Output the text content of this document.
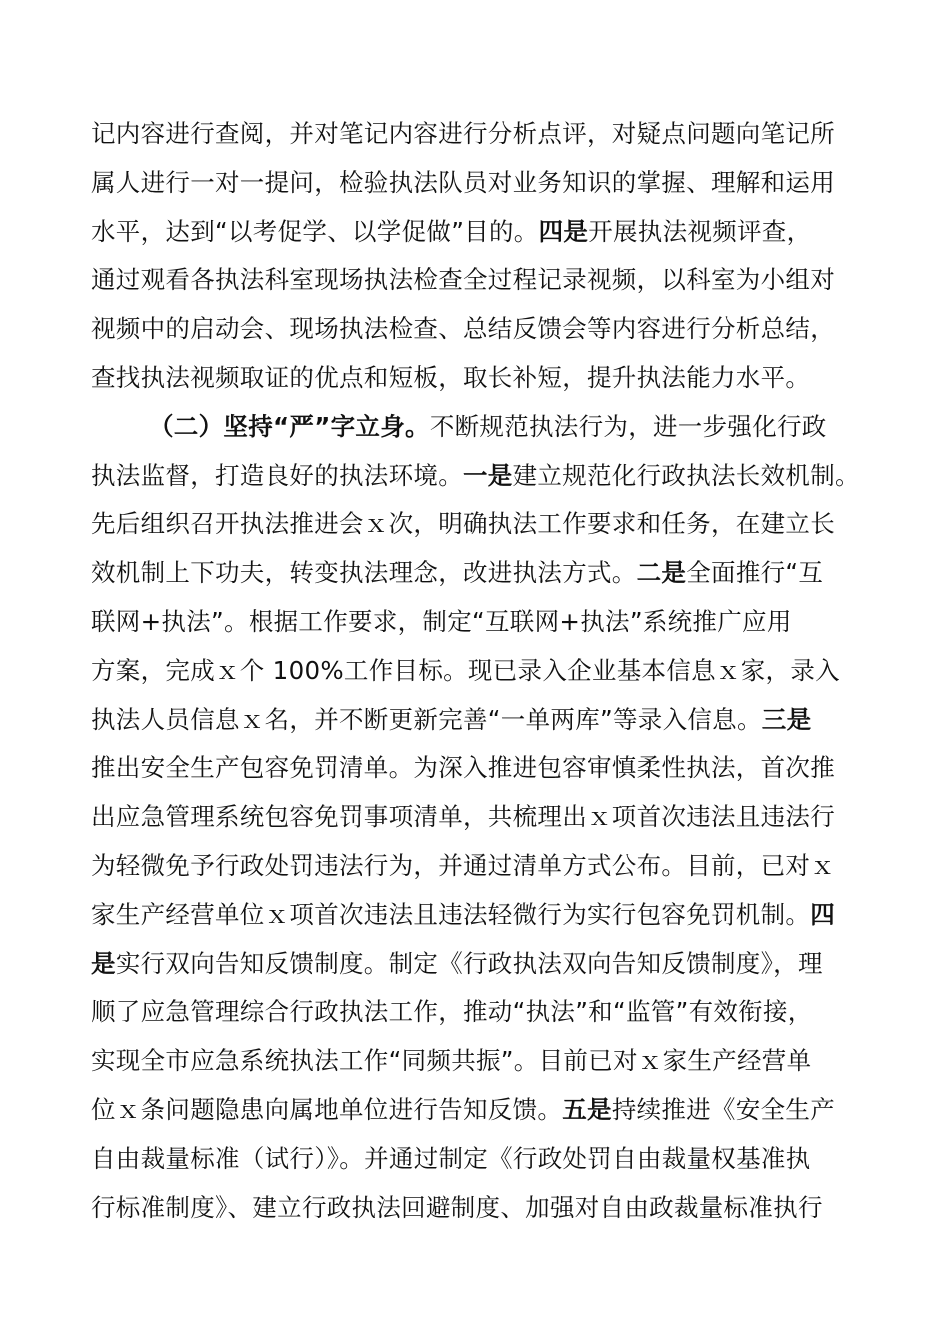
记内容进行查阅，并对笔记内容进行分析点评，对疑点问题向笔记所
属人进行一对一提问，检验执法队员对业务知识的掌握、理解和运用
水平，达到“以考促学、以学促做”目的。四是开展执法视频评查，
通过观看各执法科室现场执法检查全过程记录视频，以科室为小组对
视频中的启动会、现场执法检查、总结反馈会等内容进行分析总结，
查找执法视频取证的优点和短板，取长补短，提升执法能力水平。
（二）坚持“严”字立身。不断规范执法行为，进一步强化行政
执法监督，打造良好的执法环境。一是建立规范化行政执法长效机制。
先后组织召开执法推进会ｘ次，明确执法工作要求和任务，在建立长
效机制上下功夫，转变执法理念，改进执法方式。二是全面推行“互
联网+执法”。根据工作要求，制定“互联网+执法”系统推广应用
方案，完成ｘ个 100%工作目标。现已录入企业基本信息ｘ家，录入
执法人员信息ｘ名，并不断更新完善“一单两库”等录入信息。三是
推出安全生产包容免罚清单。为深入推进包容审慎柔性执法，首次推
出应急管理系统包容免罚事项清单，共梳理出ｘ项首次违法且违法行
为轻微免予行政处罚违法行为，并通过清单方式公布。目前，已对ｘ
家生产经营单位ｘ项首次违法且违法轻微行为实行包容免罚机制。四
是实行双向告知反馈制度。制定《行政执法双向告知反馈制度》，理
顺了应急管理综合行政执法工作，推动“执法”和“监管”有效衔接，
实现全市应急系统执法工作“同频共振”。目前已对ｘ家生产经营单
位ｘ条问题隐患向属地单位进行告知反馈。五是持续推进《安全生产
自由裁量标准（试行）》。并通过制定《行政处罚自由裁量权基准执
行标准制度》、建立行政执法回避制度、加强对自由政裁量标准执行
